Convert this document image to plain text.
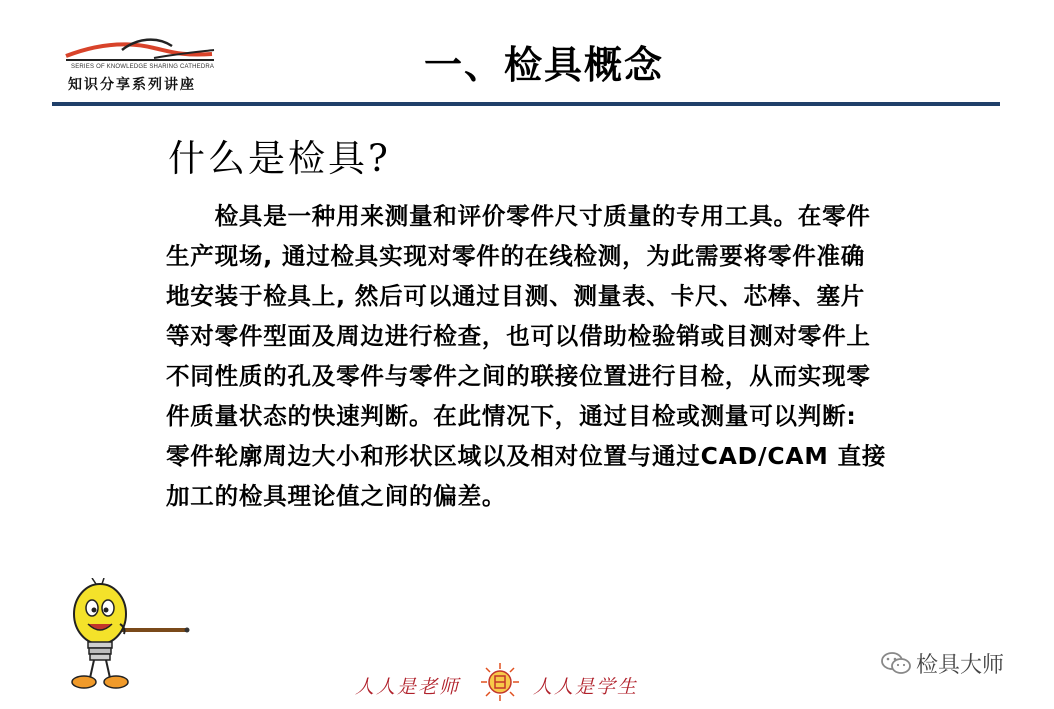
SERIES OF KNOWLEDGE SHARING CATHEDRA
知识分享系列讲座	一、检具概念
什么是检具?
　　检具是一种用来测量和评价零件尺寸质量的专用工具。在零件
生产现场, 通过检具实现对零件的在线检测，为此需要将零件准确
地安装于检具上, 然后可以通过目测、测量表、卡尺、芯棒、塞片
等对零件型面及周边进行检查，也可以借助检验销或目测对零件上
不同性质的孔及零件与零件之间的联接位置进行目检，从而实现零
件质量状态的快速判断。在此情况下，通过目检或测量可以判断:
零件轮廓周边大小和形状区域以及相对位置与通过CAD/CAM 直接
加工的检具理论值之间的偏差。
人人是老师	人人是学生
检具大师
